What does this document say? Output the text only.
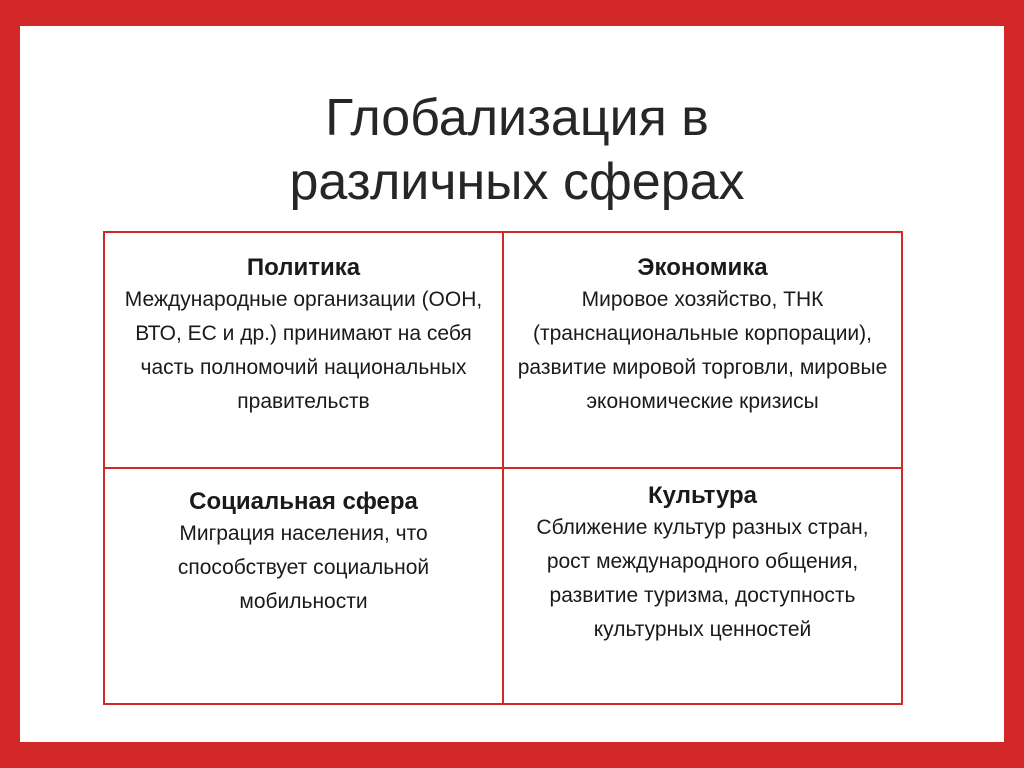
Глобализация в
различных сферах
Политика
Международные организации (ООН, ВТО, ЕС и др.) принимают на себя часть полномочий национальных правительств
Экономика
Мировое хозяйство, ТНК (транснациональные корпорации), развитие мировой торговли, мировые экономические кризисы
Социальная сфера
Миграция населения, что способствует социальной мобильности
Культура
Сближение культур разных стран, рост международного общения, развитие туризма, доступность культурных ценностей
